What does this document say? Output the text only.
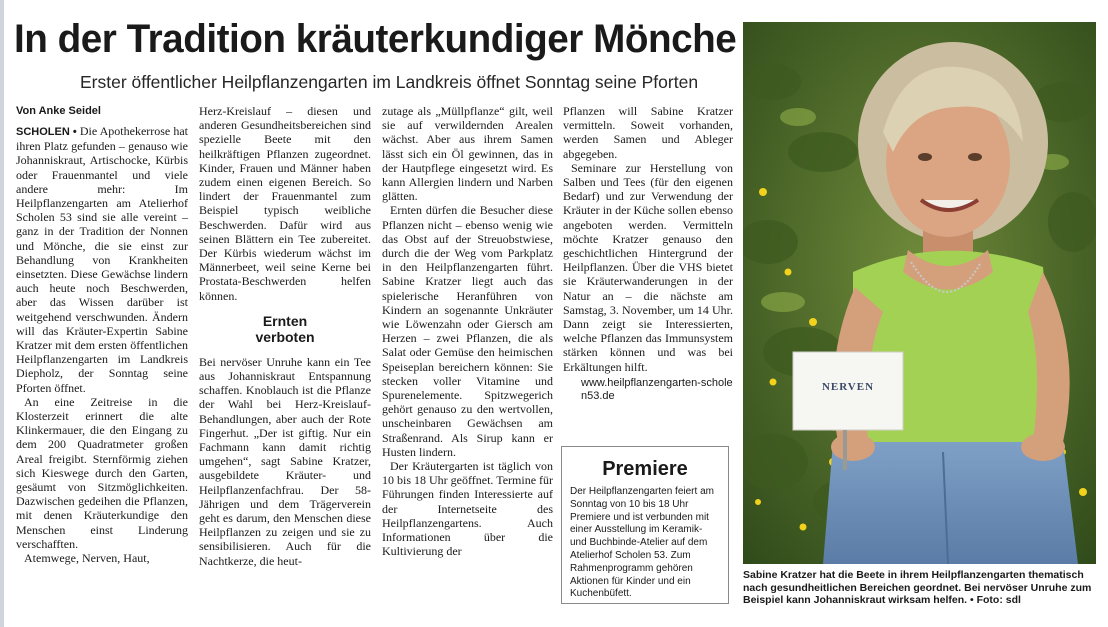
In der Tradition kräuterkundiger Mönche
Erster öffentlicher Heilpflanzengarten im Landkreis öffnet Sonntag seine Pforten
Von Anke Seidel

SCHOLEN • Die Apothekerrose hat ihren Platz gefunden – genauso wie Johanniskraut, Artischocke, Kürbis oder Frauenmantel und viele andere mehr: Im Heilpflanzengarten am Atelierhof Scholen 53 sind sie alle vereint – ganz in der Tradition der Nonnen und Mönche, die sie einst zur Behandlung von Krankheiten einsetzten. Diese Gewächse lindern auch heute noch Beschwerden, aber das Wissen darüber ist weitgehend verschwunden. Ändern will das Kräuter-Expertin Sabine Kratzer mit dem ersten öffentlichen Heilpflanzengarten im Landkreis Diepholz, der Sonntag seine Pforten öffnet.

An eine Zeitreise in die Klosterzeit erinnert die alte Klinkermauer, die den Eingang zu dem 200 Quadratmeter großen Areal freigibt. Sternförmig ziehen sich Kieswege durch den Garten, gesäumt von Sitzmöglichkeiten. Dazwischen gedeihen die Pflanzen, mit denen Kräuterkundige den Menschen einst Linderung verschafften.

Atemwege, Nerven, Haut,

Herz-Kreislauf – diesen und anderen Gesundheitsbereichen sind spezielle Beete mit den heilkräftigen Pflanzen zugeordnet. Kinder, Frauen und Männer haben zudem einen eigenen Bereich. So lindert der Frauenmantel zum Beispiel typisch weibliche Beschwerden. Dafür wird aus seinen Blättern ein Tee zubereitet. Der Kürbis wiederum wächst im Männerbeet, weil seine Kerne bei Prostata-Beschwerden helfen können.

Ernten
verboten

Bei nervöser Unruhe kann ein Tee aus Johanniskraut Entspannung schaffen. Knoblauch ist die Pflanze der Wahl bei Herz-Kreislauf-Behandlungen, aber auch der Rote Fingerhut. „Der ist giftig. Nur ein Fachmann kann damit richtig umgehen“, sagt Sabine Kratzer, ausgebildete Kräuter- und Heilpflanzenfachfrau. Der 58-Jährigen und dem Trägerverein geht es darum, den Menschen diese Heilpflanzen zu zeigen und sie zu sensibilisieren. Auch für die Nachtkerze, die heut-

zutage als „Müllpflanze“ gilt, weil sie auf verwildernden Arealen wächst. Aber aus ihrem Samen lässt sich ein Öl gewinnen, das in der Hautpflege eingesetzt wird. Es kann Allergien lindern und Narben glätten.

Ernten dürfen die Besucher diese Pflanzen nicht – ebenso wenig wie das Obst auf der Streuobstwiese, durch die der Weg vom Parkplatz in den Heilpflanzengarten führt. Sabine Kratzer liegt auch das spielerische Heranführen von Kindern an sogenannte Unkräuter wie Löwenzahn oder Giersch am Herzen – zwei Pflanzen, die als Salat oder Gemüse den heimischen Speiseplan bereichern können: Sie stecken voller Vitamine und Spurenelemente. Spitzwegerich gehört genauso zu den wertvollen, unscheinbaren Gewächsen am Straßenrand. Als Sirup kann er Husten lindern.

Der Kräutergarten ist täglich von 10 bis 18 Uhr geöffnet. Termine für Führungen finden Interessierte auf der Internetseite des Heilpflanzengartens. Auch Informationen über die Kultivierung der

Pflanzen will Sabine Kratzer vermitteln. Soweit vorhanden, werden Samen und Ableger abgegeben.

Seminare zur Herstellung von Salben und Tees (für den eigenen Bedarf) und zur Verwendung der Kräuter in der Küche sollen ebenso angeboten werden. Vermitteln möchte Kratzer genauso den geschichtlichen Hintergrund der Heilpflanzen. Über die VHS bietet sie Kräuterwanderungen in der Natur an – die nächste am Samstag, 3. November, um 14 Uhr. Dann zeigt sie Interessierten, welche Pflanzen das Immunsystem stärken können und was bei Erkältungen hilft.

www.heilpflanzengarten-scholen53.de
Premiere
Der Heilpflanzengarten feiert am Sonntag von 10 bis 18 Uhr Premiere und ist verbunden mit einer Ausstellung im Keramik- und Buchbinde-Atelier auf dem Atelierhof Scholen 53. Zum Rahmenprogramm gehören Aktionen für Kinder und ein Kuchenbüfett.
NERVEN
Sabine Kratzer hat die Beete in ihrem Heilpflanzengarten thematisch nach gesundheitlichen Bereichen geordnet. Bei nervöser Unruhe zum Beispiel kann Johanniskraut wirksam helfen. • Foto: sdl
